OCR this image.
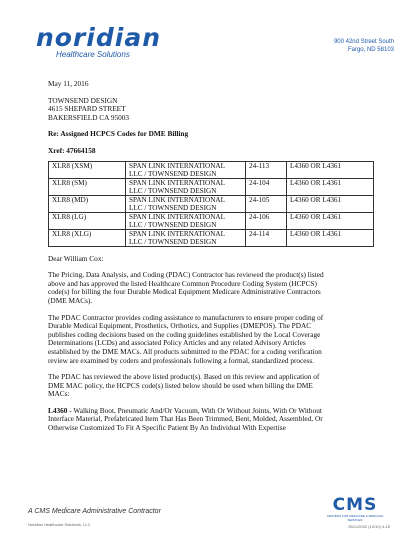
noridian
Healthcare Solutions
900 42nd Street South
Fargo, ND 58103

May 11, 2016

TOWNSEND DESIGN

4615 SHEPARD STREET

BAKERSFIELD CA 95003

Re: Assigned HCPCS Codes for DME Billing

Xref: 47664158

XLR8 (XSM)	SPAN LINK INTERNATIONAL
LLC / TOWNSEND DESIGN	24-113	L4360 OR L4361
XLR8 (SM)	SPAN LINK INTERNATIONAL
LLC / TOWNSEND DESIGN	24-104	L4360 OR L4361
XLR8 (MD)	SPAN LINK INTERNATIONAL
LLC / TOWNSEND DESIGN	24-105	L4360 OR L4361
XLR8 (LG)	SPAN LINK INTERNATIONAL
LLC / TOWNSEND DESIGN	24-106	L4360 OR L4361
XLR8 (XLG)	SPAN LINK INTERNATIONAL
LLC / TOWNSEND DESIGN	24-114	L4360 OR L4361

Dear William Cox:

The Pricing, Data Analysis, and Coding (PDAC) Contractor has reviewed the product(s) listed

above and has approved the listed Healthcare Common Procedure Coding System (HCPCS)

code(s) for billing the four Durable Medical Equipment Medicare Administrative Contractors

(DME MACs).

The PDAC Contractor provides coding assistance to manufacturers to ensure proper coding of

Durable Medical Equipment, Prosthetics, Orthotics, and Supplies (DMEPOS). The PDAC

publishes coding decisions based on the coding guidelines established by the Local Coverage

Determinations (LCDs) and associated Policy Articles and any related Advisory Articles

established by the DME MACs. All products submitted to the PDAC for a coding verification

review are examined by coders and professionals following a formal, standardized process.

The PDAC has reviewed the above listed product(s). Based on this review and application of

DME MAC policy, the HCPCS code(s) listed below should be used when billing the DME

MACs:

L4360 - Walking Boot, Pneumatic And/Or Vacuum, With Or Without Joints, With Or Without

Interface Material, Prefabricated Item That Has Been Trimmed, Bent, Molded, Assembled, Or

Otherwise Customized To Fit A Specific Patient By An Individual With Expertise

A CMS Medicare Administrative Contractor
Noridian Healthcare Solutions, LLC
CMS
CENTERS FOR MEDICARE & MEDICAID SERVICES
2621/2032 (12/10) 4-15
